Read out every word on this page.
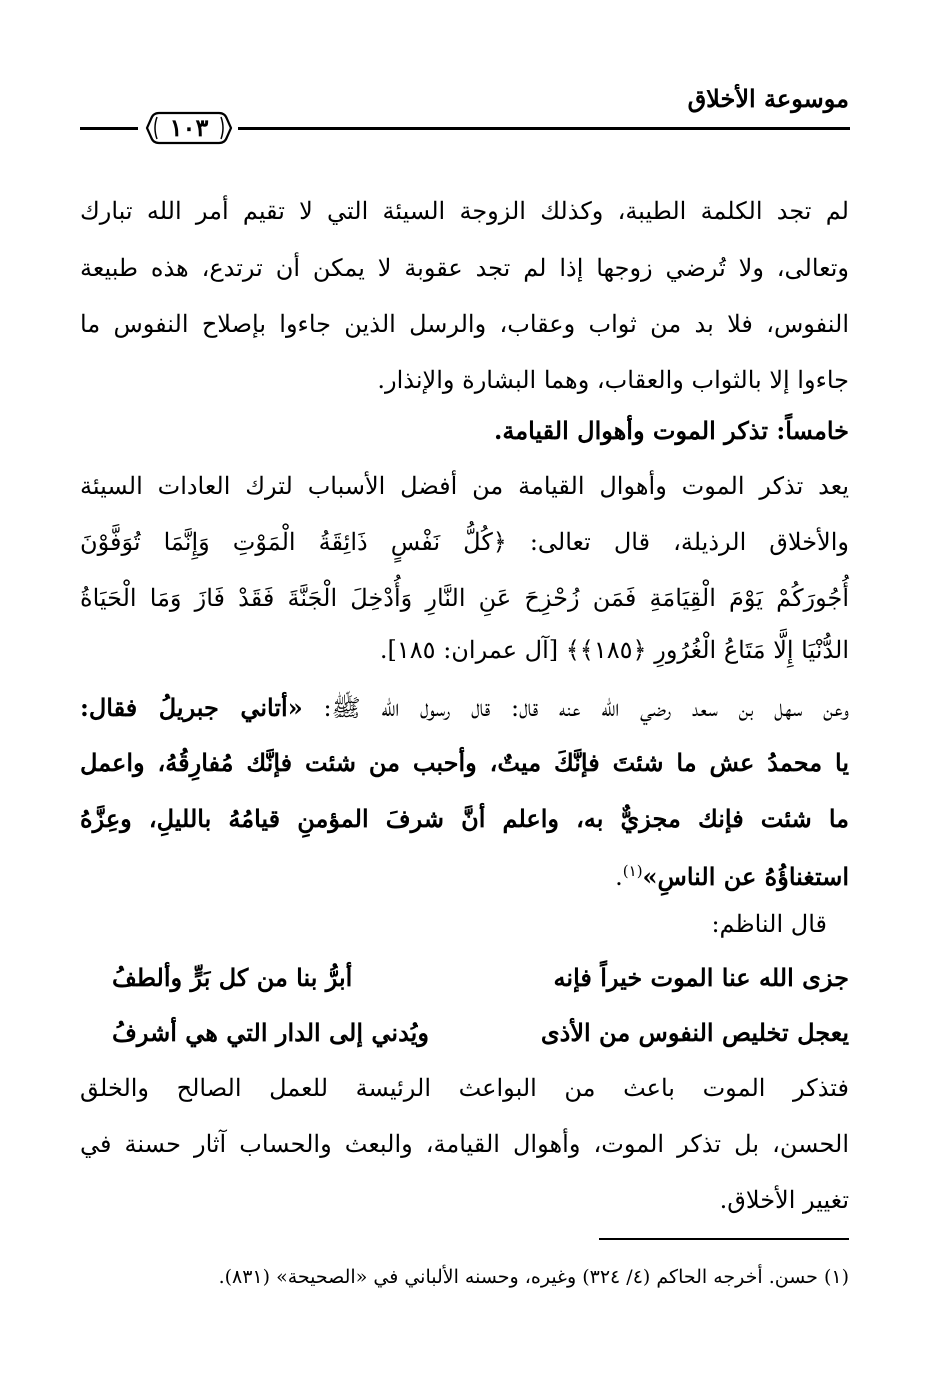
موسوعة الأخلاق
١٠٣
لم تجد الكلمة الطيبة، وكذلك الزوجة السيئة التي لا تقيم أمر الله تبارك
وتعالى، ولا تُرضي زوجها إذا لم تجد عقوبة لا يمكن أن ترتدع، هذه طبيعة
النفوس، فلا بد من ثواب وعقاب، والرسل الذين جاءوا بإصلاح النفوس ما
جاءوا إلا بالثواب والعقاب، وهما البشارة والإنذار.
خامساً: تذكر الموت وأهوال القيامة.
يعد تذكر الموت وأهوال القيامة من أفضل الأسباب لترك العادات السيئة
والأخلاق الرذيلة، قال تعالى: ﴿كُلُّ نَفْسٍ ذَائِقَةُ الْمَوْتِ وَإِنَّمَا تُوَفَّوْنَ
أُجُورَكُمْ يَوْمَ الْقِيَامَةِ فَمَن زُحْزِحَ عَنِ النَّارِ وَأُدْخِلَ الْجَنَّةَ فَقَدْ فَازَ وَمَا الْحَيَاةُ
الدُّنْيَا إِلَّا مَتَاعُ الْغُرُورِ ﴿١٨٥﴾﴾ [آل عمران: ١٨٥].
وعن سهل بن سعد رضي الله عنه قال: قال رسول الله ﷺ: «أتاني جبريلُ فقال:
يا محمدُ عش ما شئتَ فإنَّكَ ميتٌ، وأحبب من شئت فإنَّك مُفارِقُهُ، واعمل
ما شئت فإنك مجزيٌّ به، واعلم أنَّ شرفَ المؤمنِ قيامُهُ بالليلِ، وعِزَّهُ
استغناؤُهُ عن الناسِ»$^{(١)}$.
قال الناظم:
جزى الله عنا الموت خيراً فإنه
أبرُّ بنا من كل بَرٍّ وألطفُ
يعجل تخليص النفوس من الأذى
ويُدني إلى الدار التي هي أشرفُ
فتذكر الموت باعث من البواعث الرئيسة للعمل الصالح والخلق
الحسن، بل تذكر الموت، وأهوال القيامة، والبعث والحساب آثار حسنة في
تغيير الأخلاق.
(١) حسن. أخرجه الحاكم (٤/ ٣٢٤) وغيره، وحسنه الألباني في «الصحيحة» (٨٣١).
